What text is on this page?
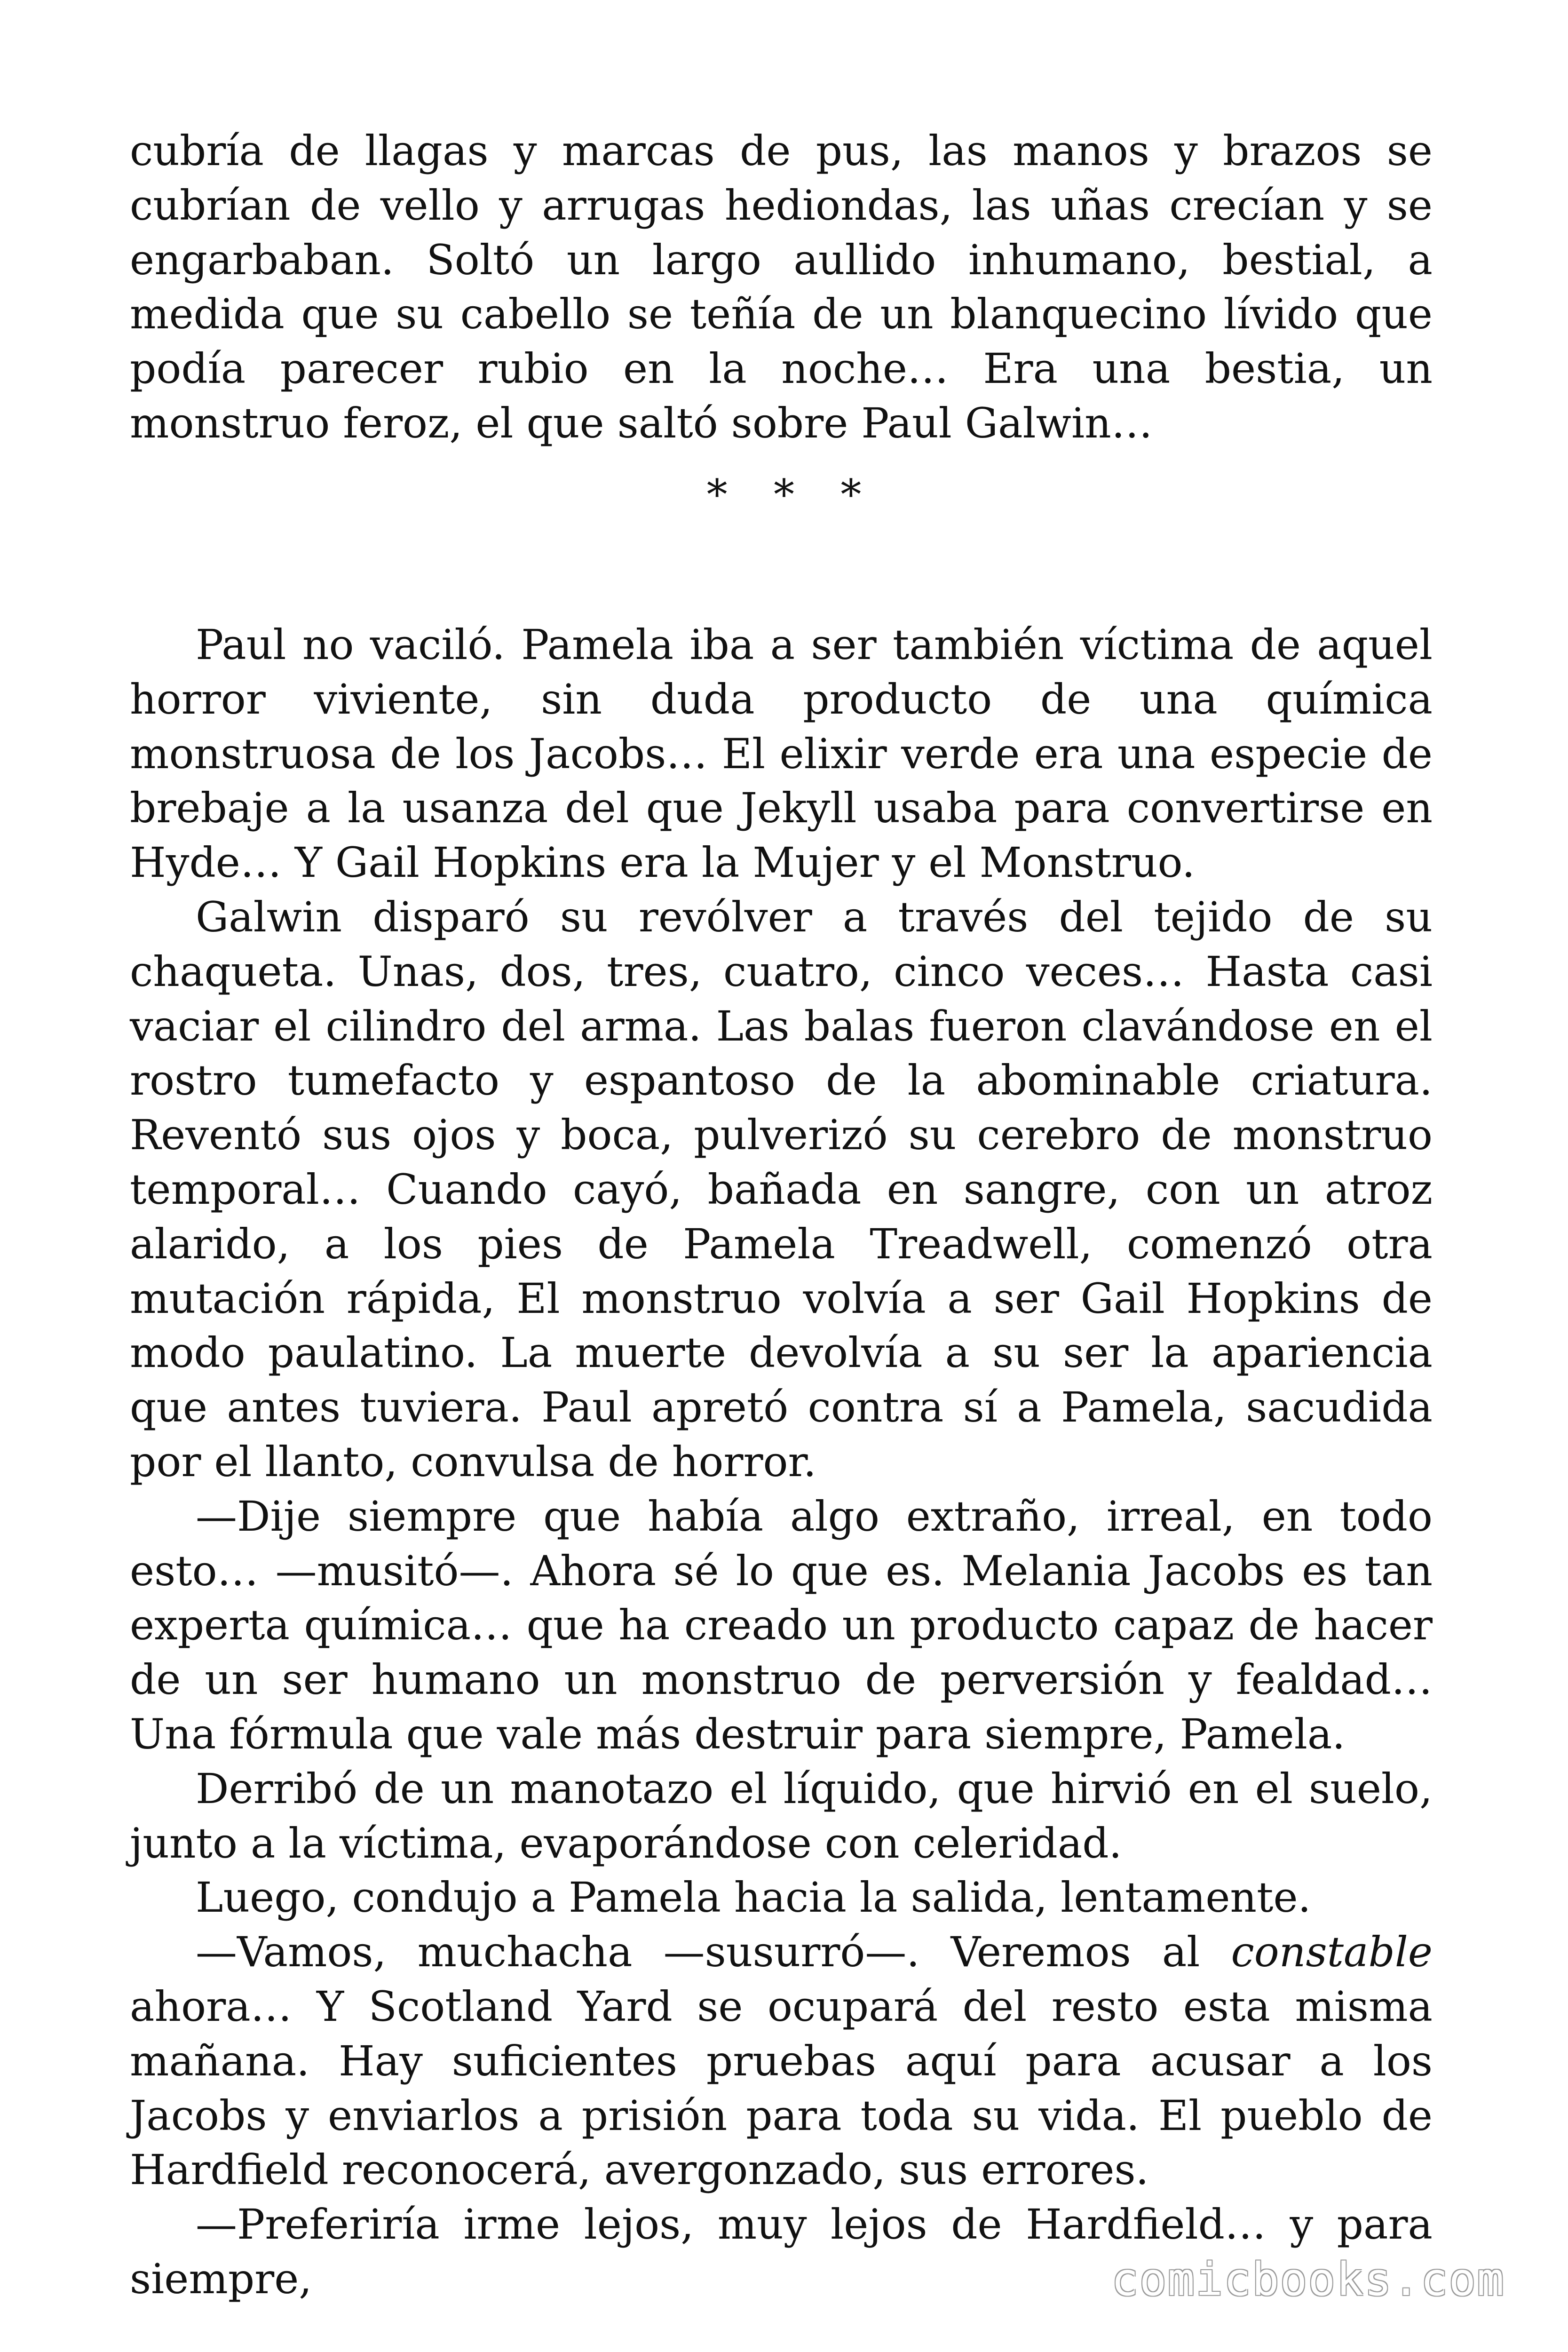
cubría de llagas y marcas de pus, las manos y brazos se cubrían de vello y arrugas hediondas, las uñas crecían y se engarbaban. Soltó un largo aullido inhumano, bestial, a medida que su cabello se teñía de un blanquecino lívido que podía parecer rubio en la noche… Era una bestia, un monstruo feroz, el que saltó sobre Paul Galwin…

* * *

Paul no vaciló. Pamela iba a ser también víctima de aquel horror viviente, sin duda producto de una química monstruosa de los Jacobs… El elixir verde era una especie de brebaje a la usanza del que Jekyll usaba para convertirse en Hyde… Y Gail Hopkins era la Mujer y el Monstruo.

Galwin disparó su revólver a través del tejido de su chaqueta. Unas, dos, tres, cuatro, cinco veces… Hasta casi vaciar el cilindro del arma. Las balas fueron clavándose en el rostro tumefacto y espantoso de la abominable criatura. Reventó sus ojos y boca, pulverizó su cerebro de monstruo temporal… Cuando cayó, bañada en sangre, con un atroz alarido, a los pies de Pamela Treadwell, comenzó otra mutación rápida, El monstruo volvía a ser Gail Hopkins de modo paulatino. La muerte devolvía a su ser la apariencia que antes tuviera. Paul apretó contra sí a Pamela, sacudida por el llanto, convulsa de horror.

—Dije siempre que había algo extraño, irreal, en todo esto… —musitó—. Ahora sé lo que es. Melania Jacobs es tan experta química… que ha creado un producto capaz de hacer de un ser humano un monstruo de perversión y fealdad… Una fórmula que vale más destruir para siempre, Pamela.

Derribó de un manotazo el líquido, que hirvió en el suelo, junto a la víctima, evaporándose con celeridad.

Luego, condujo a Pamela hacia la salida, lentamente.

—Vamos, muchacha —susurró—. Veremos al constable ahora… Y Scotland Yard se ocupará del resto esta misma mañana. Hay suficientes pruebas aquí para acusar a los Jacobs y enviarlos a prisión para toda su vida. El pueblo de Hardfield reconocerá, avergonzado, sus errores.

—Preferiría irme lejos, muy lejos de Hardfield… y para siempre,	comicbooks.com
